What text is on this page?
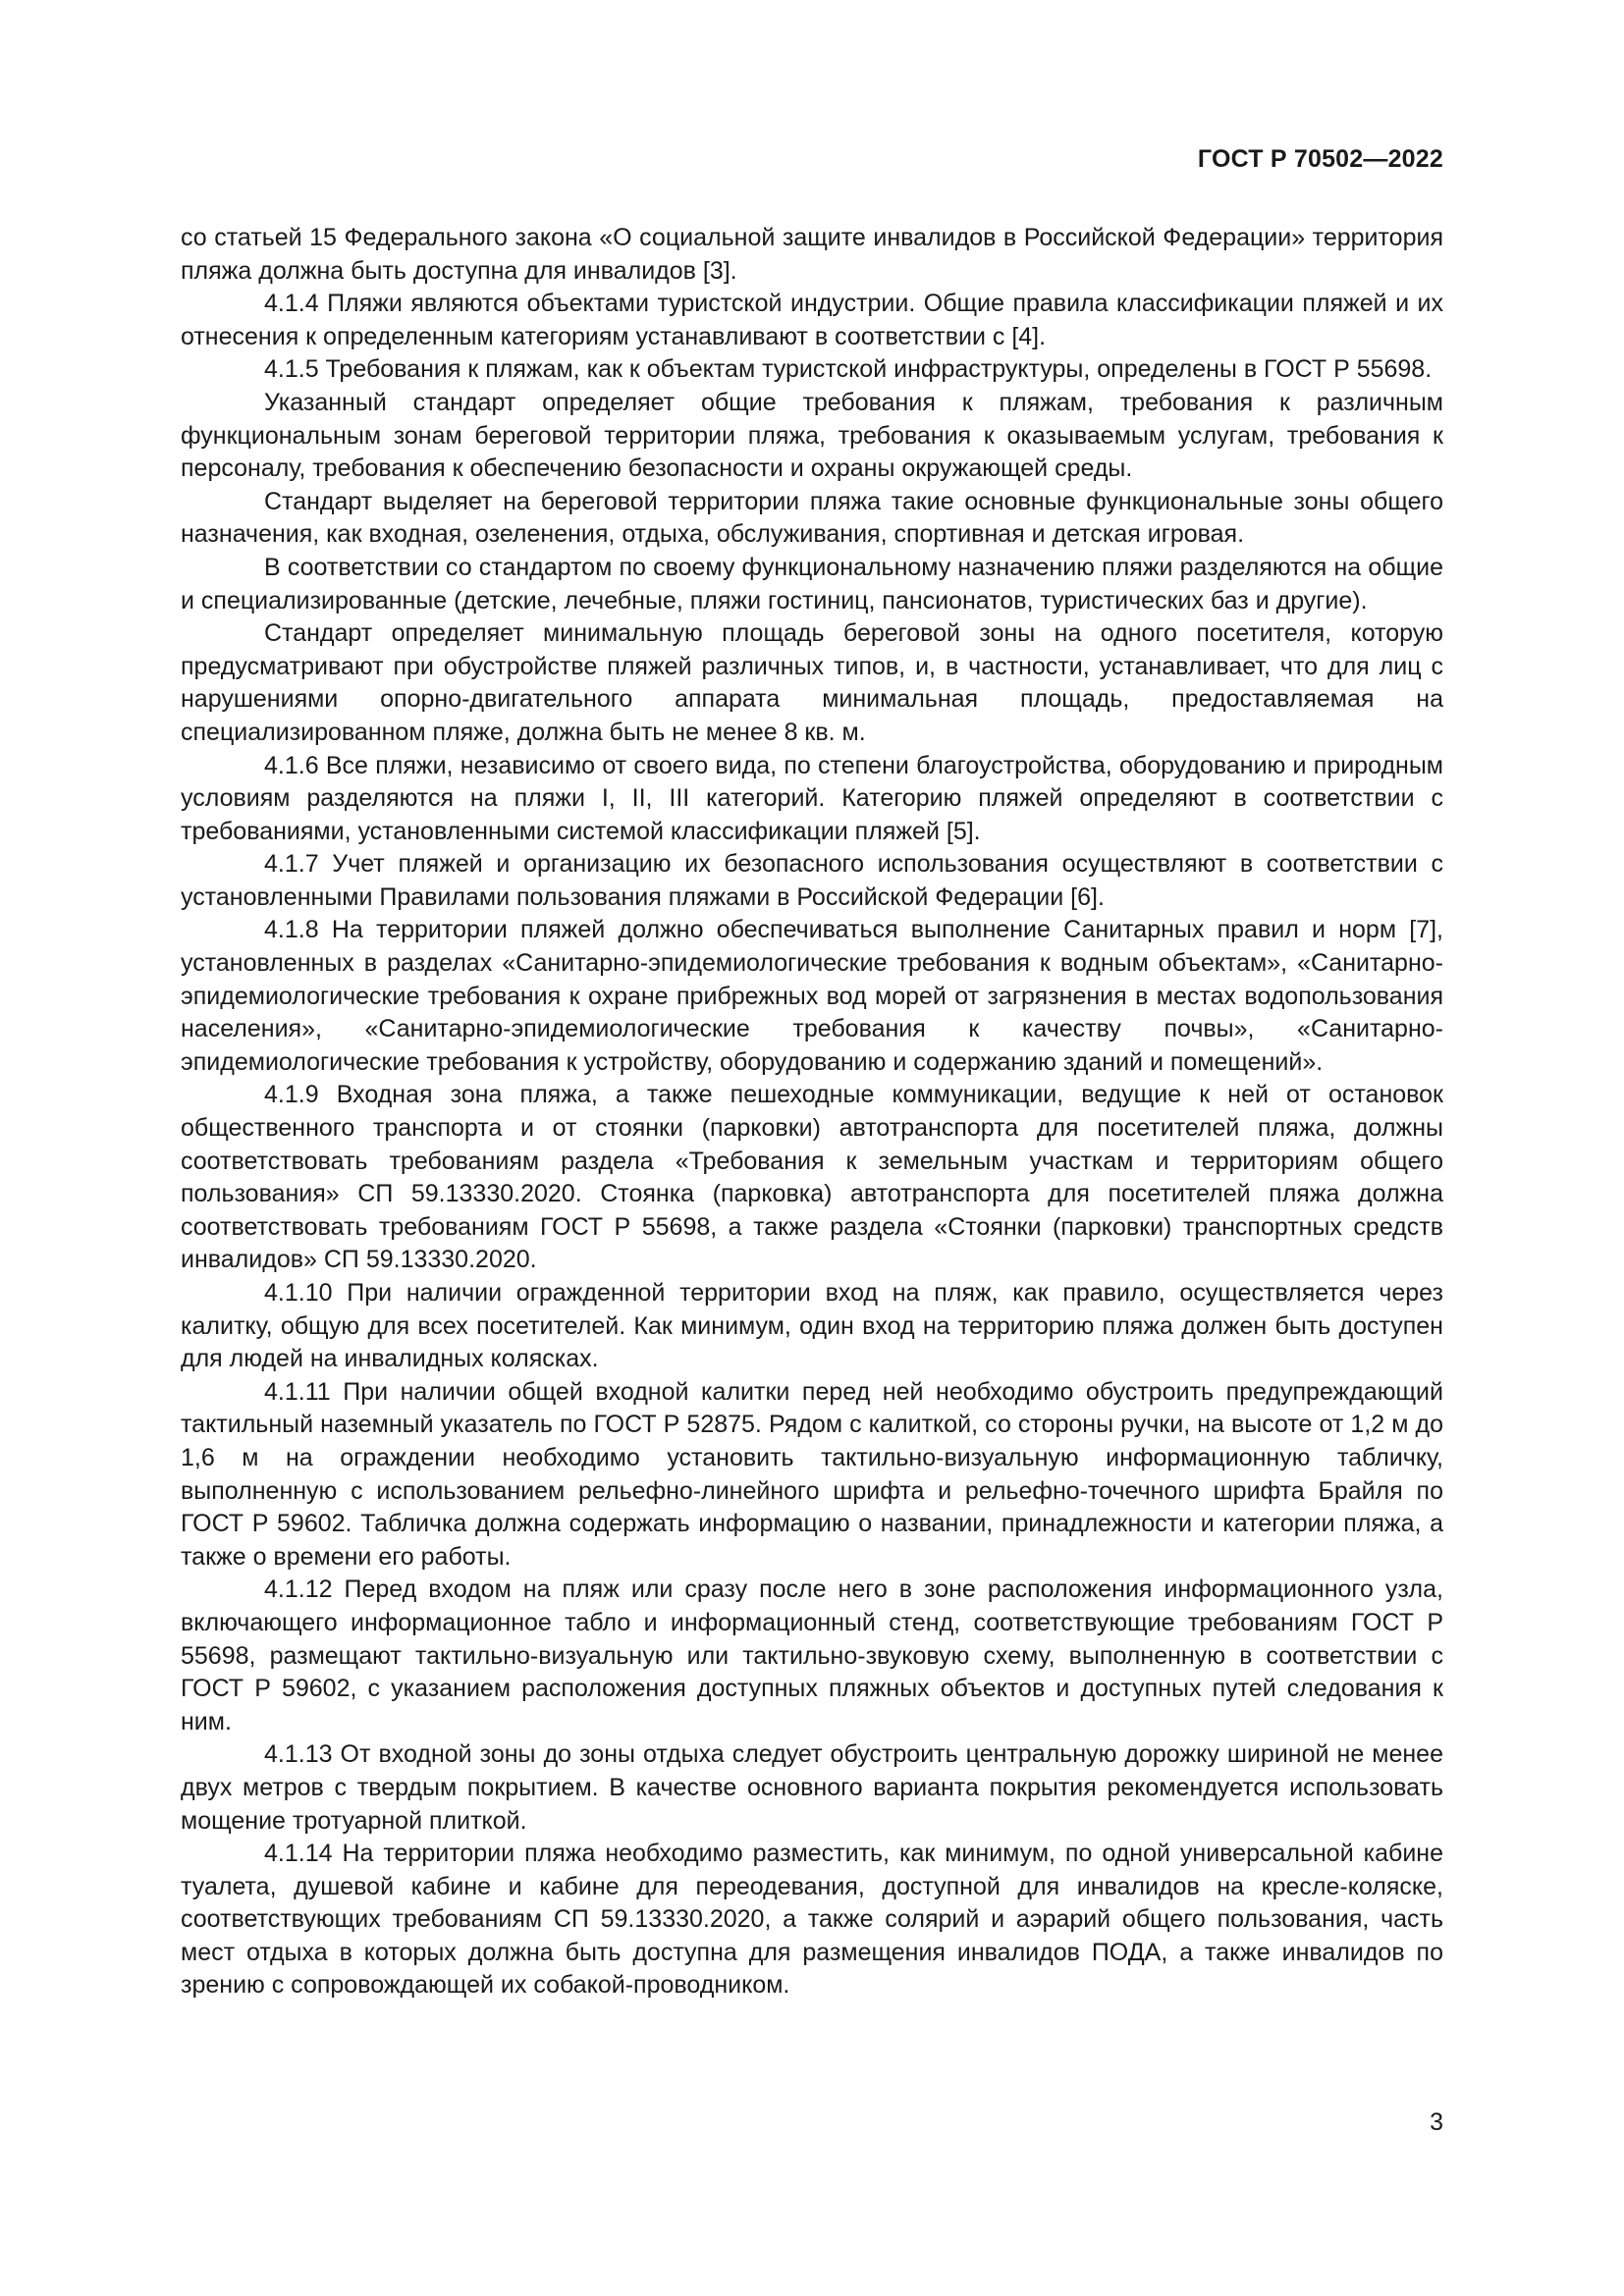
ГОСТ Р 70502—2022

со статьей 15 Федерального закона «О социальной защите инвалидов в Российской Федерации» территория пляжа должна быть доступна для инвалидов [3].

4.1.4 Пляжи являются объектами туристской индустрии. Общие правила классификации пляжей и их отнесения к определенным категориям устанавливают в соответствии с [4].

4.1.5 Требования к пляжам, как к объектам туристской инфраструктуры, определены в ГОСТ Р 55698.

Указанный стандарт определяет общие требования к пляжам, требования к различным функциональным зонам береговой территории пляжа, требования к оказываемым услугам, требования к персоналу, требования к обеспечению безопасности и охраны окружающей среды.

Стандарт выделяет на береговой территории пляжа такие основные функциональные зоны общего назначения, как входная, озеленения, отдыха, обслуживания, спортивная и детская игровая.

В соответствии со стандартом по своему функциональному назначению пляжи разделяются на общие и специализированные (детские, лечебные, пляжи гостиниц, пансионатов, туристических баз и другие).

Стандарт определяет минимальную площадь береговой зоны на одного посетителя, которую предусматривают при обустройстве пляжей различных типов, и, в частности, устанавливает, что для лиц с нарушениями опорно-двигательного аппарата минимальная площадь, предоставляемая на специализированном пляже, должна быть не менее 8 кв. м.

4.1.6 Все пляжи, независимо от своего вида, по степени благоустройства, оборудованию и природным условиям разделяются на пляжи I, II, III категорий. Категорию пляжей определяют в соответствии с требованиями, установленными системой классификации пляжей [5].

4.1.7 Учет пляжей и организацию их безопасного использования осуществляют в соответствии с установленными Правилами пользования пляжами в Российской Федерации [6].

4.1.8 На территории пляжей должно обеспечиваться выполнение Санитарных правил и норм [7], установленных в разделах «Санитарно-эпидемиологические требования к водным объектам», «Санитарно-эпидемиологические требования к охране прибрежных вод морей от загрязнения в местах водопользования населения», «Санитарно-эпидемиологические требования к качеству почвы», «Санитарно-эпидемиологические требования к устройству, оборудованию и содержанию зданий и помещений».

4.1.9 Входная зона пляжа, а также пешеходные коммуникации, ведущие к ней от остановок общественного транспорта и от стоянки (парковки) автотранспорта для посетителей пляжа, должны соответствовать требованиям раздела «Требования к земельным участкам и территориям общего пользования» СП 59.13330.2020. Стоянка (парковка) автотранспорта для посетителей пляжа должна соответствовать требованиям ГОСТ Р 55698, а также раздела «Стоянки (парковки) транспортных средств инвалидов» СП 59.13330.2020.

4.1.10 При наличии огражденной территории вход на пляж, как правило, осуществляется через калитку, общую для всех посетителей. Как минимум, один вход на территорию пляжа должен быть доступен для людей на инвалидных колясках.

4.1.11 При наличии общей входной калитки перед ней необходимо обустроить предупреждающий тактильный наземный указатель по ГОСТ Р 52875. Рядом с калиткой, со стороны ручки, на высоте от 1,2 м до 1,6 м на ограждении необходимо установить тактильно-визуальную информационную табличку, выполненную с использованием рельефно-линейного шрифта и рельефно-точечного шрифта Брайля по ГОСТ Р 59602. Табличка должна содержать информацию о названии, принадлежности и категории пляжа, а также о времени его работы.

4.1.12 Перед входом на пляж или сразу после него в зоне расположения информационного узла, включающего информационное табло и информационный стенд, соответствующие требованиям ГОСТ Р 55698, размещают тактильно-визуальную или тактильно-звуковую схему, выполненную в соответствии с ГОСТ Р 59602, с указанием расположения доступных пляжных объектов и доступных путей следования к ним.

4.1.13 От входной зоны до зоны отдыха следует обустроить центральную дорожку шириной не менее двух метров с твердым покрытием. В качестве основного варианта покрытия рекомендуется использовать мощение тротуарной плиткой.

4.1.14 На территории пляжа необходимо разместить, как минимум, по одной универсальной кабине туалета, душевой кабине и кабине для переодевания, доступной для инвалидов на кресле-коляске, соответствующих требованиям СП 59.13330.2020, а также солярий и аэрарий общего пользования, часть мест отдыха в которых должна быть доступна для размещения инвалидов ПОДА, а также инвалидов по зрению с сопровождающей их собакой-проводником.

3
